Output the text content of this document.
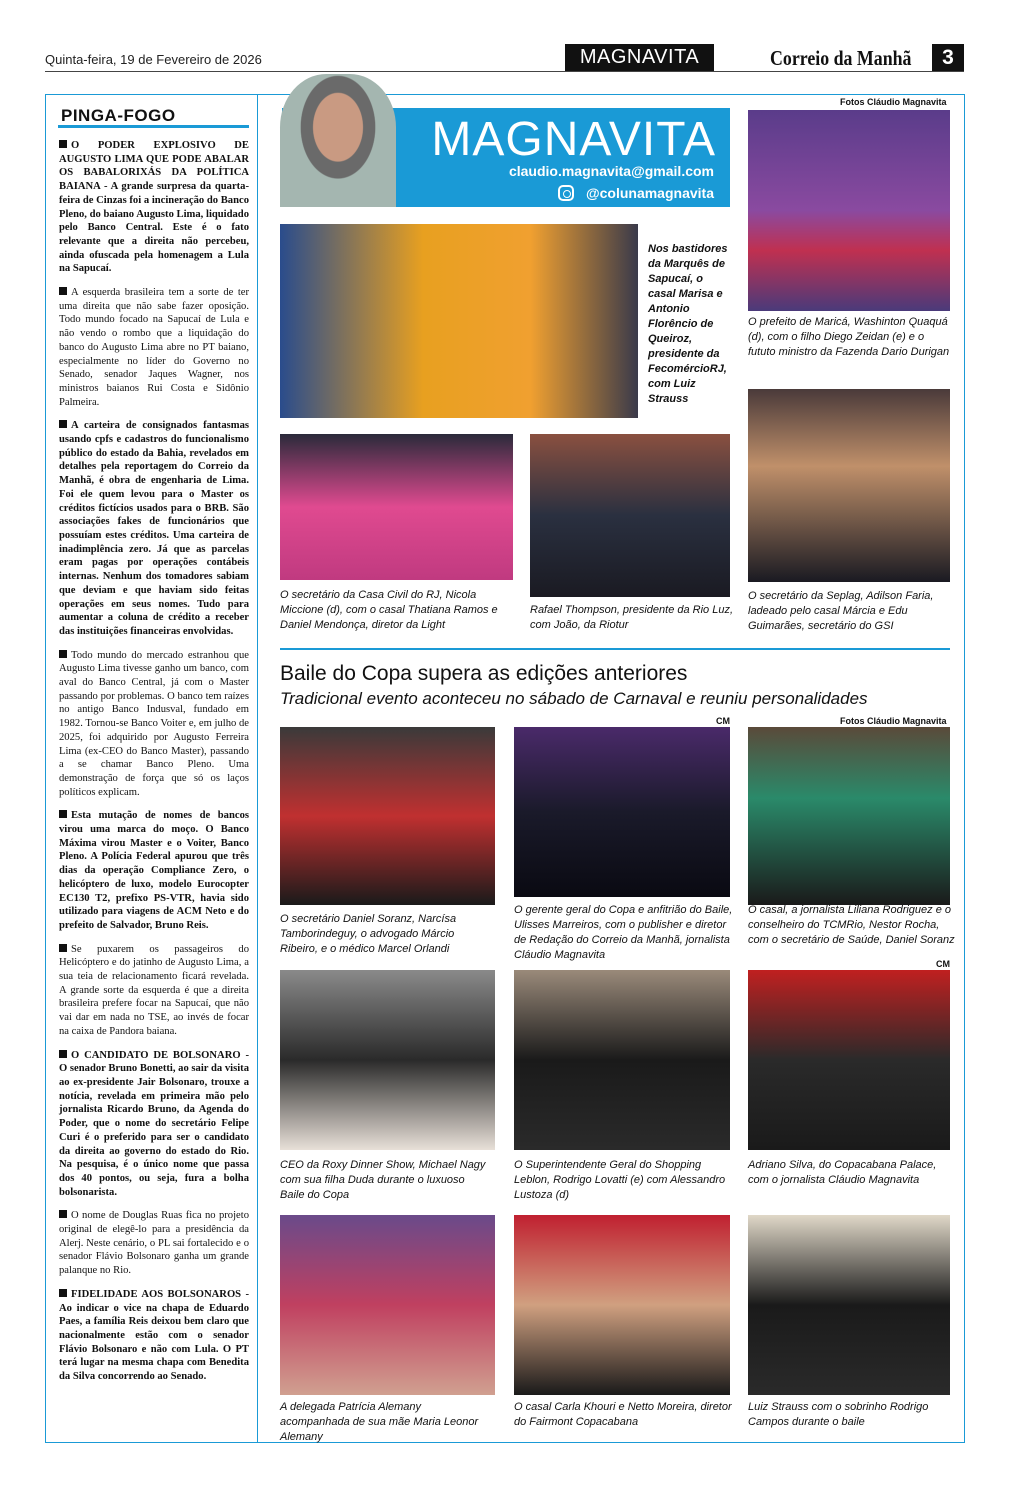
Quinta-feira, 19 de Fevereiro de 2026	MAGNAVITA	Correio da Manhã	3
PINGA-FOGO

O PODER EXPLOSIVO DE AUGUSTO LIMA QUE PODE ABALAR OS BABALORIXÁS DA POLÍTICA BAIANA - A grande surpresa da quarta-feira de Cinzas foi a incineração do Banco Pleno, do baiano Augusto Lima, liquidado pelo Banco Central. Este é o fato relevante que a direita não percebeu, ainda ofuscada pela homenagem a Lula na Sapucaí.

A esquerda brasileira tem a sorte de ter uma direita que não sabe fazer oposição. Todo mundo focado na Sapucaí de Lula e não vendo o rombo que a liquidação do banco do Augusto Lima abre no PT baiano, especialmente no líder do Governo no Senado, senador Jaques Wagner, nos ministros baianos Rui Costa e Sidônio Palmeira.

A carteira de consignados fantasmas usando cpfs e cadastros do funcionalismo público do estado da Bahia, revelados em detalhes pela reportagem do Correio da Manhã, é obra de engenharia de Lima. Foi ele quem levou para o Master os créditos fictícios usados para o BRB. São associações fakes de funcionários que possuíam estes créditos. Uma carteira de inadimplência zero. Já que as parcelas eram pagas por operações contábeis internas. Nenhum dos tomadores sabiam que deviam e que haviam sido feitas operações em seus nomes. Tudo para aumentar a coluna de crédito a receber das instituições financeiras envolvidas.

Todo mundo do mercado estranhou que Augusto Lima tivesse ganho um banco, com aval do Banco Central, já com o Master passando por problemas. O banco tem raízes no antigo Banco Indusval, fundado em 1982. Tornou-se Banco Voiter e, em julho de 2025, foi adquirido por Augusto Ferreira Lima (ex-CEO do Banco Master), passando a se chamar Banco Pleno. Uma demonstração de força que só os laços políticos explicam.

Esta mutação de nomes de bancos virou uma marca do moço. O Banco Máxima virou Master e o Voiter, Banco Pleno. A Polícia Federal apurou que três dias da operação Compliance Zero, o helicóptero de luxo, modelo Eurocopter EC130 T2, prefixo PS-VTR, havia sido utilizado para viagens de ACM Neto e do prefeito de Salvador, Bruno Reis.

Se puxarem os passageiros do Helicóptero e do jatinho de Augusto Lima, a sua teia de relacionamento ficará revelada. A grande sorte da esquerda é que a direita brasileira prefere focar na Sapucaí, que não vai dar em nada no TSE, ao invés de focar na caixa de Pandora baiana.

O CANDIDATO DE BOLSONARO - O senador Bruno Bonetti, ao sair da visita ao ex-presidente Jair Bolsonaro, trouxe a notícia, revelada em primeira mão pelo jornalista Ricardo Bruno, da Agenda do Poder, que o nome do secretário Felipe Curi é o preferido para ser o candidato da direita ao governo do estado do Rio. Na pesquisa, é o único nome que passa dos 40 pontos, ou seja, fura a bolha bolsonarista.

O nome de Douglas Ruas fica no projeto original de elegê-lo para a presidência da Alerj. Neste cenário, o PL sai fortalecido e o senador Flávio Bolsonaro ganha um grande palanque no Rio.

FIDELIDADE AOS BOLSONAROS - Ao indicar o vice na chapa de Eduardo Paes, a família Reis deixou bem claro que nacionalmente estão com o senador Flávio Bolsonaro e não com Lula. O PT terá lugar na mesma chapa com Benedita da Silva concorrendo ao Senado.

MAGNAVITA
claudio.magnavita@gmail.com
@colunamagnavita
Fotos Cláudio Magnavita
Nos bastidores da Marquês de Sapucaí, o casal Marisa e Antonio Florêncio de Queiroz, presidente da FecomércioRJ, com Luiz Strauss
O prefeito de Maricá, Washinton Quaquá (d), com o filho Diego Zeidan (e) e o fututo ministro da Fazenda Dario Durigan
O secretário da Casa Civil do RJ, Nicola Miccione (d), com o casal Thatiana Ramos e Daniel Mendonça, diretor da Light
Rafael Thompson, presidente da Rio Luz, com João, da Riotur
O secretário da Seplag, Adilson Faria, ladeado pelo casal Márcia e Edu Guimarães, secretário do GSI
Baile do Copa supera as edições anteriores
Tradicional evento aconteceu no sábado de Carnaval e reuniu personalidades
CM	Fotos Cláudio Magnavita
CM
O secretário Daniel Soranz, Narcísa Tamborindeguy, o advogado Márcio Ribeiro, e o médico Marcel Orlandi
O gerente geral do Copa e anfitrião do Baile, Ulisses Marreiros, com o publisher e diretor de Redação do Correio da Manhã, jornalista Cláudio Magnavita
O casal, a jornalista Liliana Rodriguez e o conselheiro do TCMRio, Nestor Rocha, com o secretário de Saúde, Daniel Soranz
CEO da Roxy Dinner Show, Michael Nagy com sua filha Duda durante o luxuoso Baile do Copa
O Superintendente Geral do Shopping Leblon, Rodrigo Lovatti (e) com Alessandro Lustoza (d)
Adriano Silva, do Copacabana Palace, com o jornalista Cláudio Magnavita
A delegada Patrícia Alemany acompanhada de sua mãe Maria Leonor Alemany
O casal Carla Khouri e Netto Moreira, diretor do Fairmont Copacabana
Luiz Strauss com o sobrinho Rodrigo Campos durante o baile
